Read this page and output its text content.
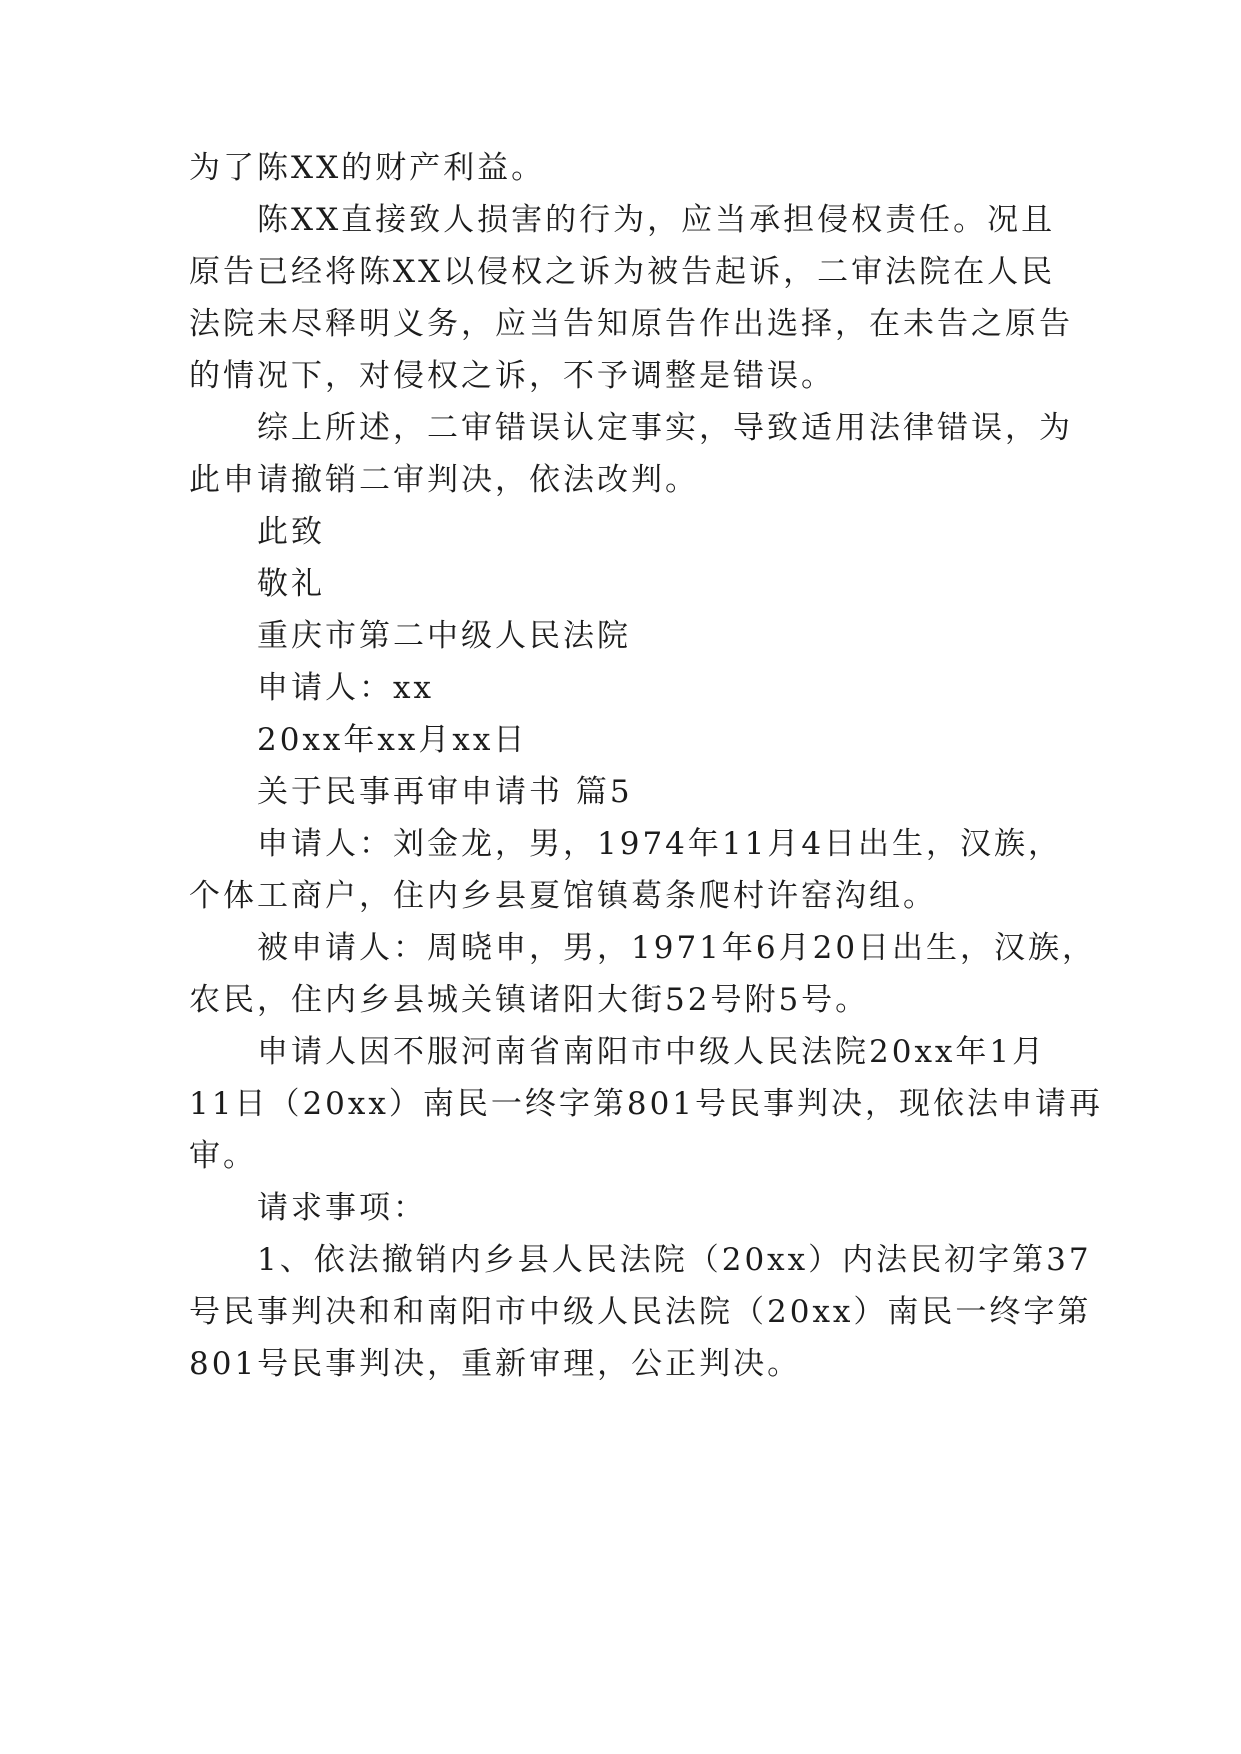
为了陈XX的财产利益。
陈XX直接致人损害的行为，应当承担侵权责任。况且
原告已经将陈XX以侵权之诉为被告起诉，二审法院在人民
法院未尽释明义务，应当告知原告作出选择，在未告之原告
的情况下，对侵权之诉，不予调整是错误。
综上所述，二审错误认定事实，导致适用法律错误，为
此申请撤销二审判决，依法改判。
此致
敬礼
重庆市第二中级人民法院
申请人：xx
20xx年xx月xx日
关于民事再审申请书 篇5
申请人：刘金龙，男，1974年11月4日出生，汉族，
个体工商户，住内乡县夏馆镇葛条爬村许窑沟组。
被申请人：周晓申，男，1971年6月20日出生，汉族，
农民，住内乡县城关镇诸阳大街52号附5号。
申请人因不服河南省南阳市中级人民法院20xx年1月
11日（20xx）南民一终字第801号民事判决，现依法申请再
审。
请求事项：
1、依法撤销内乡县人民法院（20xx）内法民初字第37
号民事判决和和南阳市中级人民法院（20xx）南民一终字第
801号民事判决，重新审理，公正判决。
